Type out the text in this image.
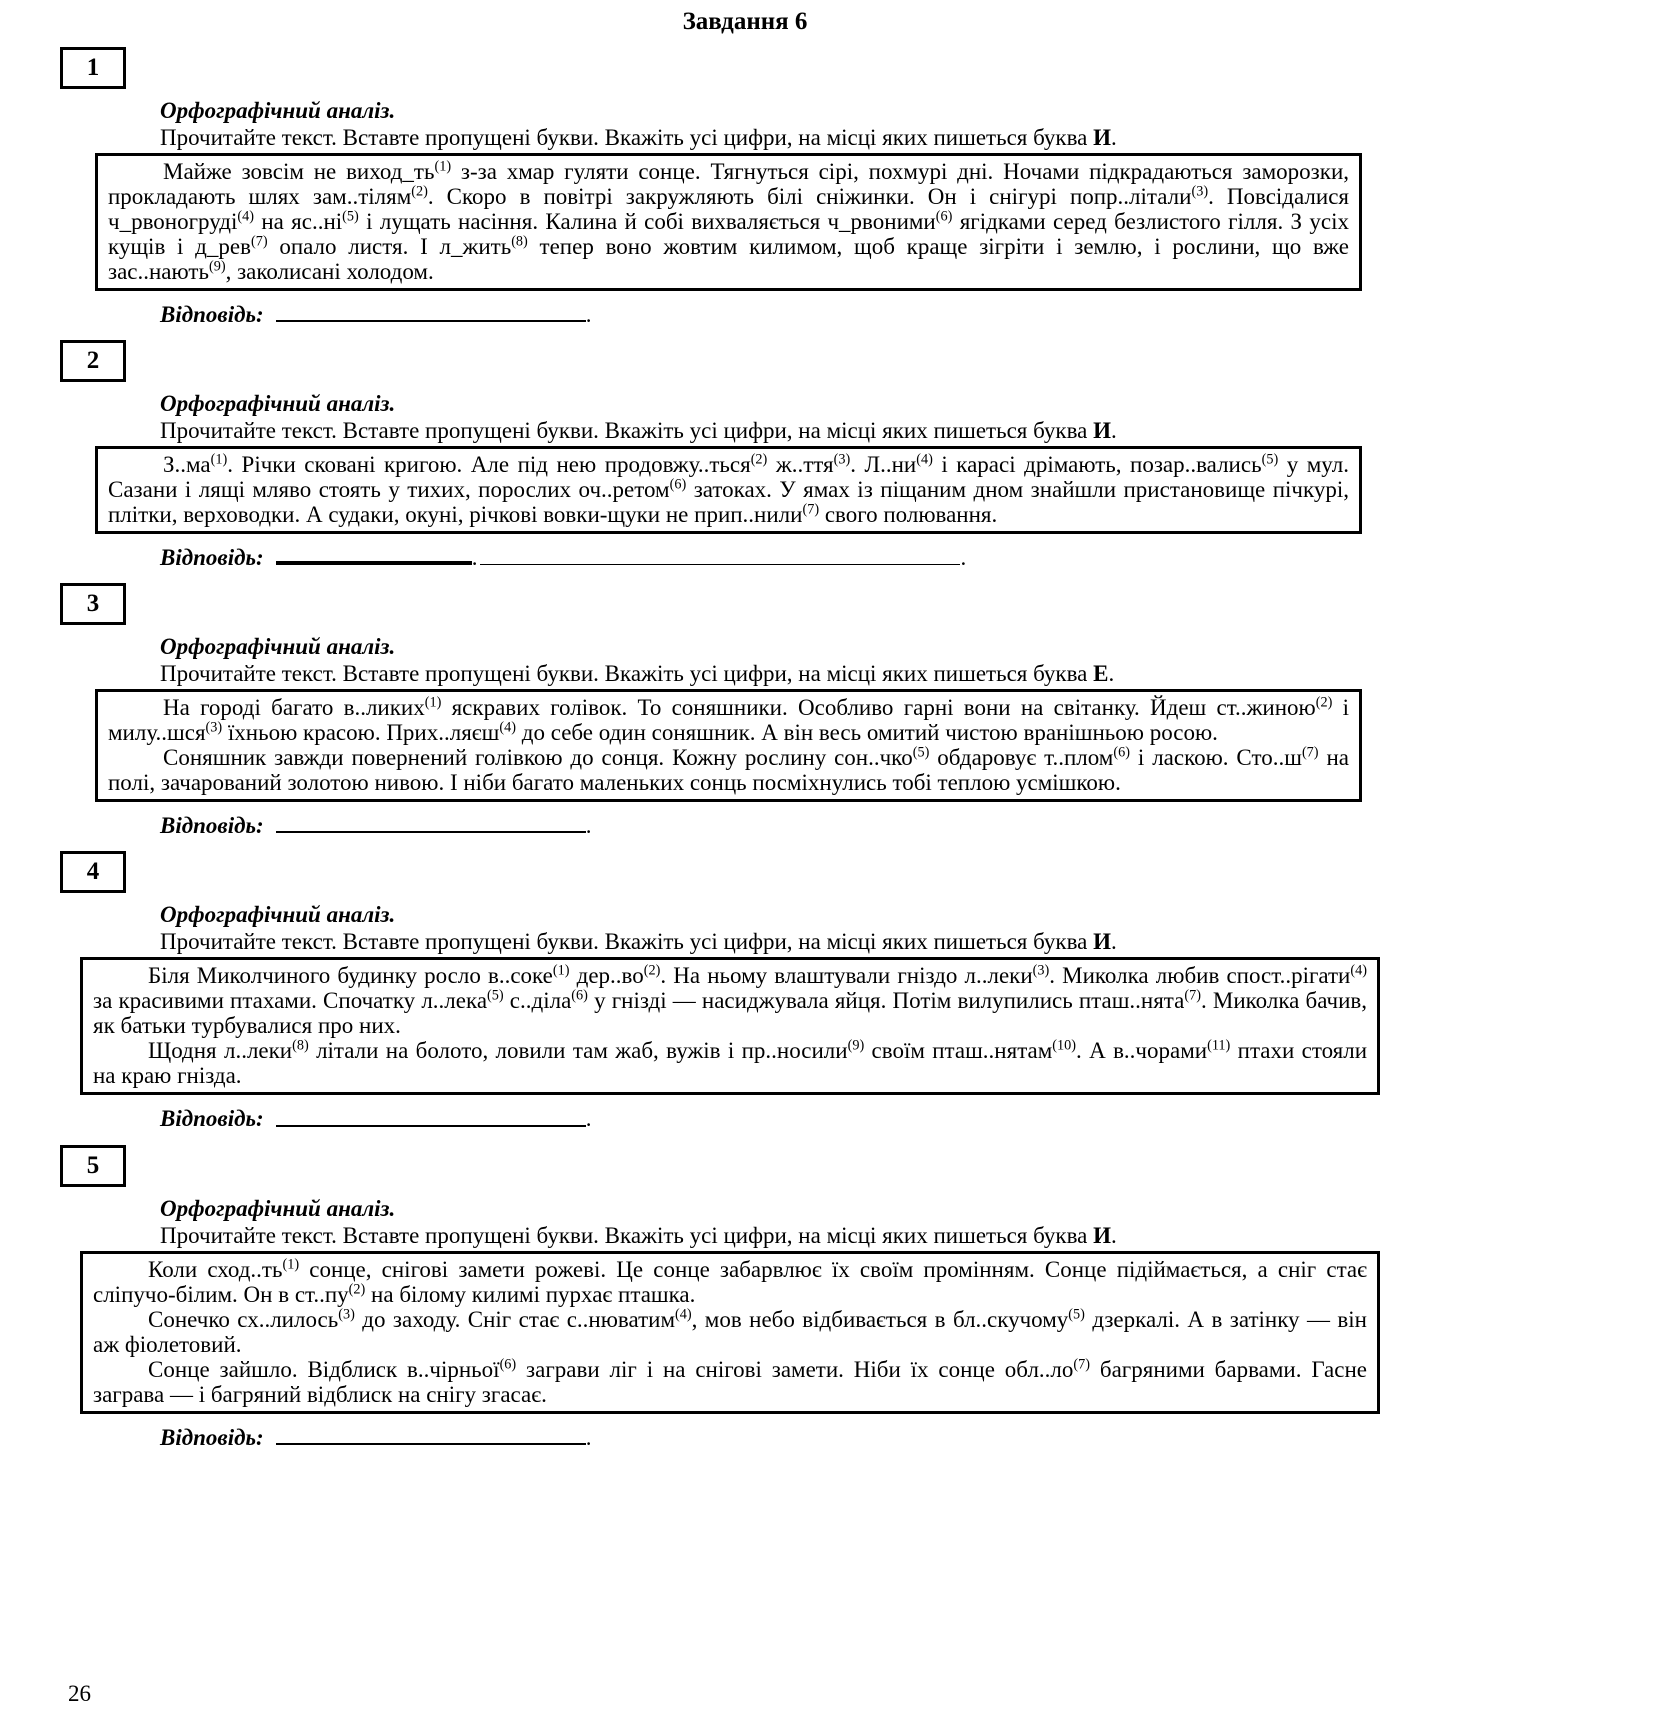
Завдання 6
1

Орфографічний аналіз.

Прочитайте текст. Вставте пропущені букви. Вкажіть усі цифри, на місці яких пишеться буква И.

Майже зовсім не $виход\_ть^{(1)}$ з-за хмар гуляти сонце. Тягнуться сірі, похмурі дні. Ночами підкрадаються заморозки, прокладають шлях зам..тілям$^{(2)}$. Скоро в повітрі закружляють білі сніжинки. Он і снігурі попр..літали$^{(3)}$. Повсідалися ч_рвоногруді$^{(4)}$ на $яс..ні^{(5)}$ і лущать насіння. Калина й собі вихваляється ч_рвоними$^{(6)}$ ягідками серед безлистого гілля. З усіх кущів і д_рев$^{(7)}$ опало листя. І л_жить$^{(8)}$ тепер воно жовтим килимом, щоб краще зігріти і землю, і рослини, що вже зас..нають$^{(9)}$, заколисані холодом.

Відповідь:	.

2

Орфографічний аналіз.

Прочитайте текст. Вставте пропущені букви. Вкажіть усі цифри, на місці яких пишеться буква И.

$З..ма^{(1)}$. Річки сковані кригою. Але під нею продовжу..ться$^{(2)}$ ж..ття$^{(3)}$. $Л..ни^{(4)}$ і карасі дрімають, позар..вались$^{(5)}$ у мул. Сазани і лящі мляво стоять у тихих, порослих оч..ретом$^{(6)}$ затоках. У ямах із піщаним дном знайшли пристановище пічкурі, плітки, верховодки. А судаки, окуні, річкові вовки-щуки не прип..нили$^{(7)}$ свого полювання.

Відповідь:	.	.

3

Орфографічний аналіз.

Прочитайте текст. Вставте пропущені букви. Вкажіть усі цифри, на місці яких пишеться буква Е.

На городі багато в..ликих$^{(1)}$ яскравих голівок. То соняшники. Особливо гарні вони на світанку. Йдеш ст..жиною$^{(2)}$ і милу..шся$^{(3)}$ їхньою красою. Прих..ляєш$^{(4)}$ до себе один соняшник. А він весь омитий чистою вранішньою росою.

Соняшник завжди повернений голівкою до сонця. Кожну рослину сон..чко$^{(5)}$ обдаровує т..плом$^{(6)}$ і ласкою. $Сто..ш^{(7)}$ на полі, зачарований золотою нивою. І ніби багато маленьких сонць посміхнулись тобі теплою усмішкою.

Відповідь:	.

4

Орфографічний аналіз.

Прочитайте текст. Вставте пропущені букви. Вкажіть усі цифри, на місці яких пишеться буква И.

Біля Миколчиного будинку росло в..соке$^{(1)}$ $дер..во^{(2)}$. На ньому влаштували гніздо л..леки$^{(3)}$. Миколка любив спост..рігати$^{(4)}$ за красивими птахами. Спочатку л..лека$^{(5)}$ с..діла$^{(6)}$ у гнізді — насиджувала яйця. Потім вилупились пташ..нята$^{(7)}$. Миколка бачив, як батьки турбувалися про них.

Щодня л..леки$^{(8)}$ літали на болото, ловили там жаб, вужів і пр..носили$^{(9)}$ своїм пташ..нятам$^{(10)}$. А в..чорами$^{(11)}$ птахи стояли на краю гнізда.

Відповідь:	.

5

Орфографічний аналіз.

Прочитайте текст. Вставте пропущені букви. Вкажіть усі цифри, на місці яких пишеться буква И.

Коли $сход..ть^{(1)}$ сонце, снігові замети рожеві. Це сонце забарвлює їх своїм промінням. Сонце підіймається, а сніг стає сліпучо-білим. Он в $ст..пу^{(2)}$ на білому килимі пурхає пташка.

Сонечко сх..лилось$^{(3)}$ до заходу. Сніг стає с..нюватим$^{(4)}$, мов небо відбивається в бл..скучому$^{(5)}$ дзеркалі. А в затінку — він аж фіолетовий.

Сонце зайшло. Відблиск в..чірньої$^{(6)}$ заграви ліг і на снігові замети. Ніби їх сонце $обл..ло^{(7)}$ багряними барвами. Гасне заграва — і багряний відблиск на снігу згасає.

Відповідь:	.

26
